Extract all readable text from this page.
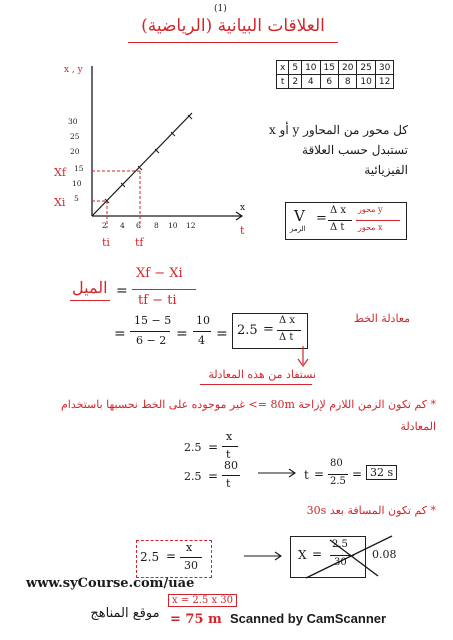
(1)
العلاقات البيانية (الرياضية)
x	5	10	15	20	25	30
t	2	4	6	8	10	12
x , y
x
t
30
25
20
10
5
15
2 4 6 8 10 12
Xf
Xi
ti tf
كل محور من المحاور y أو x تستبدل حسب العلاقة الفيزيائية
V
الرمز
=
Δ x
Δ t
محور y
محور x
الميل =
Xf − Xi
tf − ti
=
15 − 5
6 − 2 =
10
4 = 2.5 =
Δ x
Δ t
معادلة الخط
نستفاد من هذه المعادلة
* كم تكون الزمن اللازم لإزاحة 80m => غير موجوده على الخط نحسبها باستخدام المعادلة
2.5 =
x
t
2.5 =
80
t
t =
80
2.5
= 32 s
* كم تكون المسافة بعد 30s
2.5 =
x
30
X =
2.5
30
0.08
x = 2.5 x 30
= 75 m
www.syCourse.com/uae
موقع المناهج	Scanned by CamScanner
